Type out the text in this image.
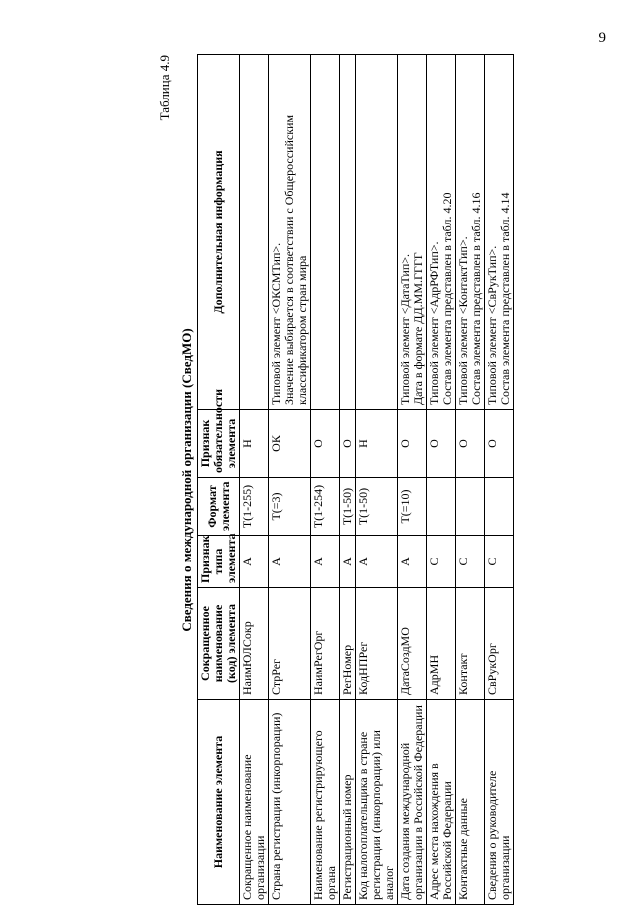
9
Таблица 4.9
Сведения о международной организации (СведМО)
Наименование элемента	Сокращенное наименование (код) элемента	Признак типа элемента	Формат элемента	Признак обязательности элемента	Дополнительная информация
Сокращенное наименование организации	НаимЮЛСокр	А	T(1-255)	Н	
Страна регистрации (инкорпорации)	СтрРег	А	T(=3)	ОК	Типовой элемент <ОКСМТип>. Значение выбирается в соответствии с Общероссийским классификатором стран мира

Наименование регистрирующего органа	НаимРегОрг	А	T(1-254)	О	
Регистрационный номер	РегНомер	А	T(1-50)	О	
Код налогоплательщика в стране регистрации (инкорпорации) или аналог	КодНПРег	А	T(1-50)	Н	
Дата создания международной организации в Российской Федерации	ДатаСоздМО	А	T(=10)	О	Типовой элемент <ДатаТип>. Дата в формате ДД.ММ.ГГГГ

Адрес места нахождения в Российской Федерации	АдрМН	С		О	Типовой элемент <АдрРФТип>. Состав элемента представлен в табл. 4.20

Контактные данные	Контакт	С		О	Типовой элемент <КонтактТип>. Состав элемента представлен в табл. 4.16

Сведения о руководителе организации	СвРукОрг	С		О	Типовой элемент <СвРукТип>. Состав элемента представлен в табл. 4.14
